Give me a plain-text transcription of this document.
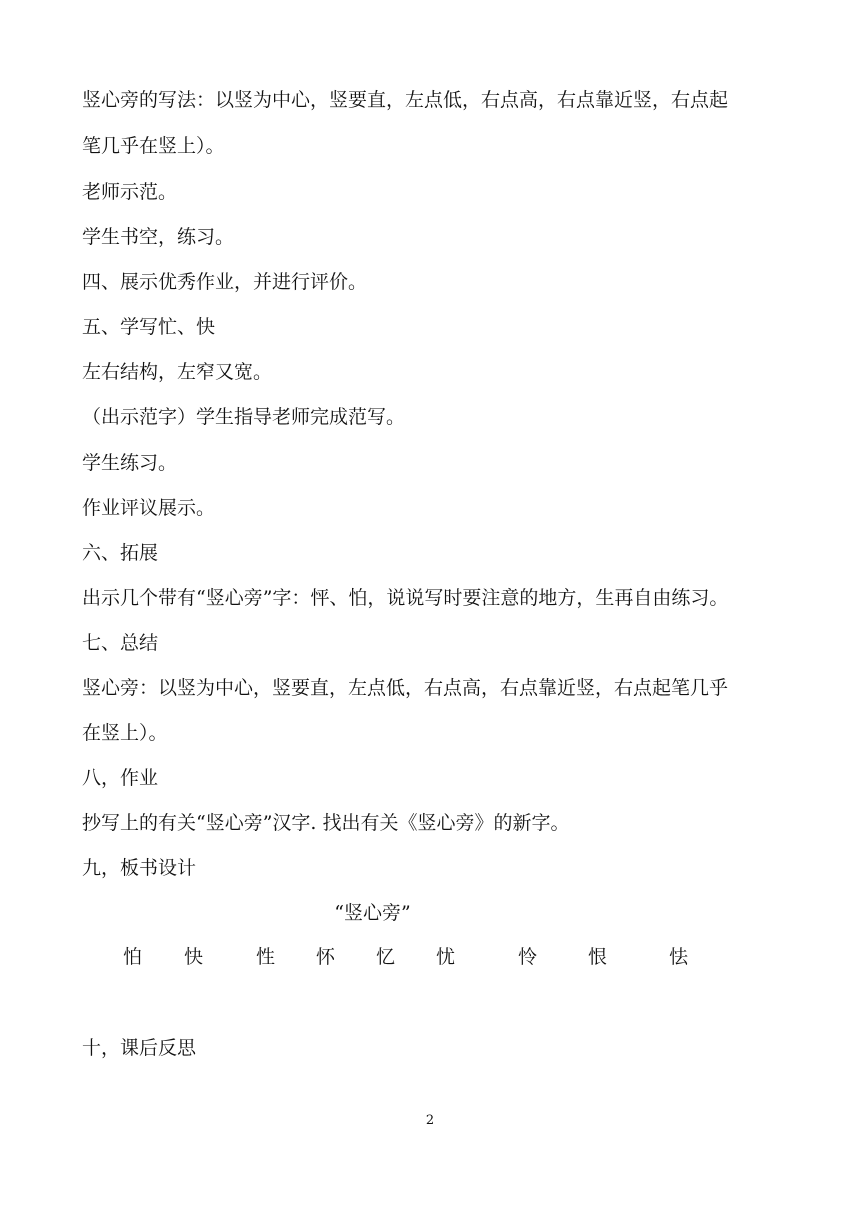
竖心旁的写法：以竖为中心，竖要直，左点低，右点高，右点靠近竖，右点起
笔几乎在竖上）。
老师示范。
学生书空，练习。
四、展示优秀作业，并进行评价。
五、学写忙、快
左右结构，左窄又宽。
（出示范字）学生指导老师完成范写。
学生练习。
作业评议展示。
六、拓展
出示几个带有“竖心旁”字：怦、怕，说说写时要注意的地方，生再自由练习。
七、总结
竖心旁：以竖为中心，竖要直，左点低，右点高，右点靠近竖，右点起笔几乎
在竖上）。
八，作业
抄写上的有关“竖心旁”汉字. 找出有关《竖心旁》的新字。
九，板书设计
“竖心旁”
怕 快	性 怀 忆 忧	怜	恨	怯
十，课后反思
2
